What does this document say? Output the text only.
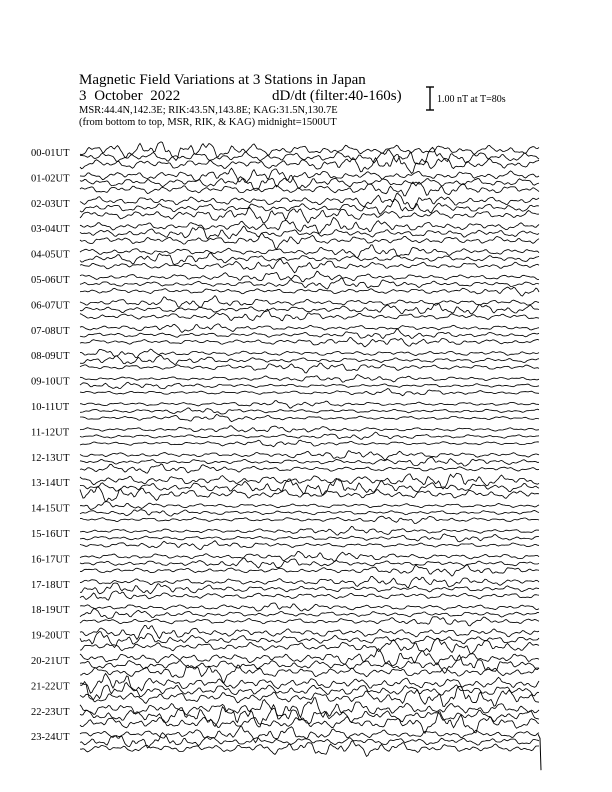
Magnetic Field Variations at 3 Stations in Japan
3 October 2022	dD/dt (filter:40-160s)
MSR:44.4N,142.3E; RIK:43.5N,143.8E; KAG:31.5N,130.7E
(from bottom to top, MSR, RIK, & KAG) midnight=1500UT
1.00 nT at T=80s
00-01UT
01-02UT
02-03UT
03-04UT
04-05UT
05-06UT
06-07UT
07-08UT
08-09UT
09-10UT
10-11UT
11-12UT
12-13UT
13-14UT
14-15UT
15-16UT
16-17UT
17-18UT
18-19UT
19-20UT
20-21UT
21-22UT
22-23UT
23-24UT
